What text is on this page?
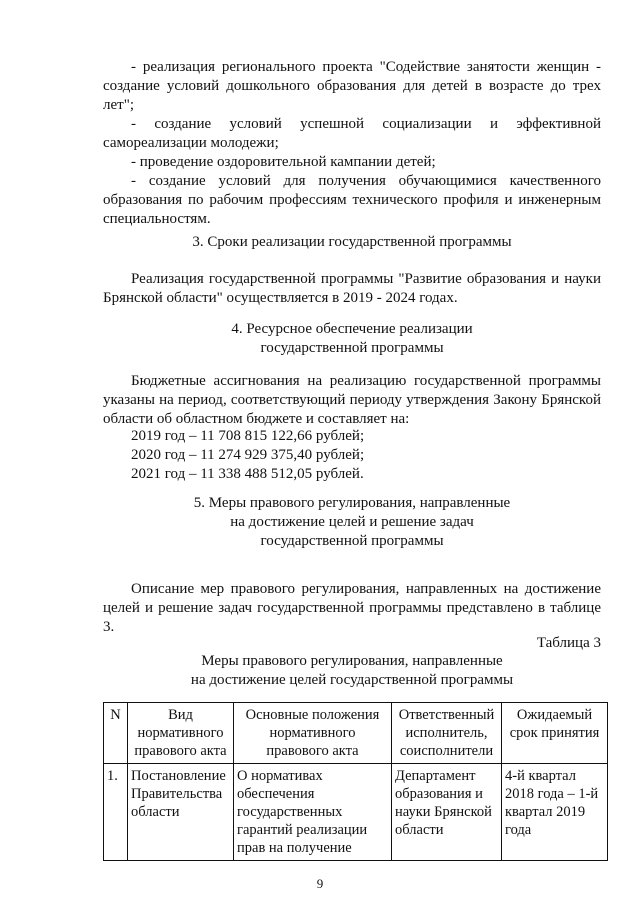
- реализация регионального проекта "Содействие занятости женщин - создание условий дошкольного образования для детей в возрасте до трех лет";
- создание условий успешной социализации и эффективной самореализации молодежи;
- проведение оздоровительной кампании детей;
- создание условий для получения обучающимися качественного образования по рабочим профессиям технического профиля и инженерным специальностям.
3. Сроки реализации государственной программы
Реализация государственной программы "Развитие образования и науки Брянской области" осуществляется в 2019 - 2024 годах.
4. Ресурсное обеспечение реализации
государственной программы
Бюджетные ассигнования на реализацию государственной программы указаны на период, соответствующий периоду утверждения Закону Брянской области об областном бюджете и составляет на:
2019 год – 11 708 815 122,66 рублей;
2020 год – 11 274 929 375,40 рублей;
2021 год – 11 338 488 512,05 рублей.
5. Меры правового регулирования, направленные
на достижение целей и решение задач
государственной программы
Описание мер правового регулирования, направленных на достижение целей и решение задач государственной программы представлено в таблице 3.
Таблица 3
Меры правового регулирования, направленные
на достижение целей государственной программы
N	Вид нормативного правового акта	Основные положения нормативного правового акта	Ответственный исполнитель, соисполнители	Ожидаемый срок принятия
1.	Постановление Правительства области	О нормативах обеспечения государственных гарантий реализации прав на получение	Департамент образования и науки Брянской области	4-й квартал 2018 года – 1-й квартал 2019 года
9
